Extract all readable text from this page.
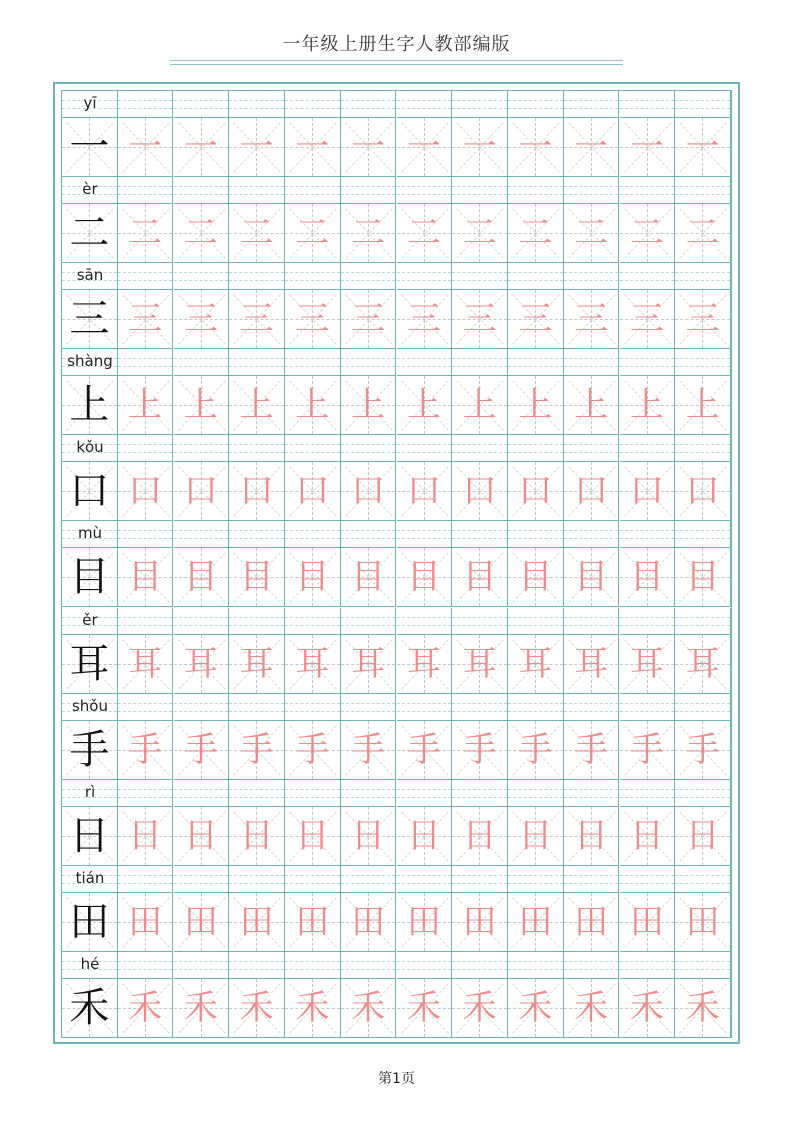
一年级上册生字人教部编版
yī
一 一 一 一 一 一 一 一 一 一 一 一
èr
二 二 二 二 二 二 二 二 二 二 二 二
sān
三 三 三 三 三 三 三 三 三 三 三 三
shàng
上 上 上 上 上 上 上 上 上 上 上 上
kǒu
口 口 口 口 口 口 口 口 口 口 口 口
mù
目 目 目 目 目 目 目 目 目 目 目 目
ěr
耳 耳 耳 耳 耳 耳 耳 耳 耳 耳 耳 耳
shǒu
手 手 手 手 手 手 手 手 手 手 手 手
rì
日 日 日 日 日 日 日 日 日 日 日 日
tián
田 田 田 田 田 田 田 田 田 田 田 田
hé
禾 禾 禾 禾 禾 禾 禾 禾 禾 禾 禾 禾
第1页
